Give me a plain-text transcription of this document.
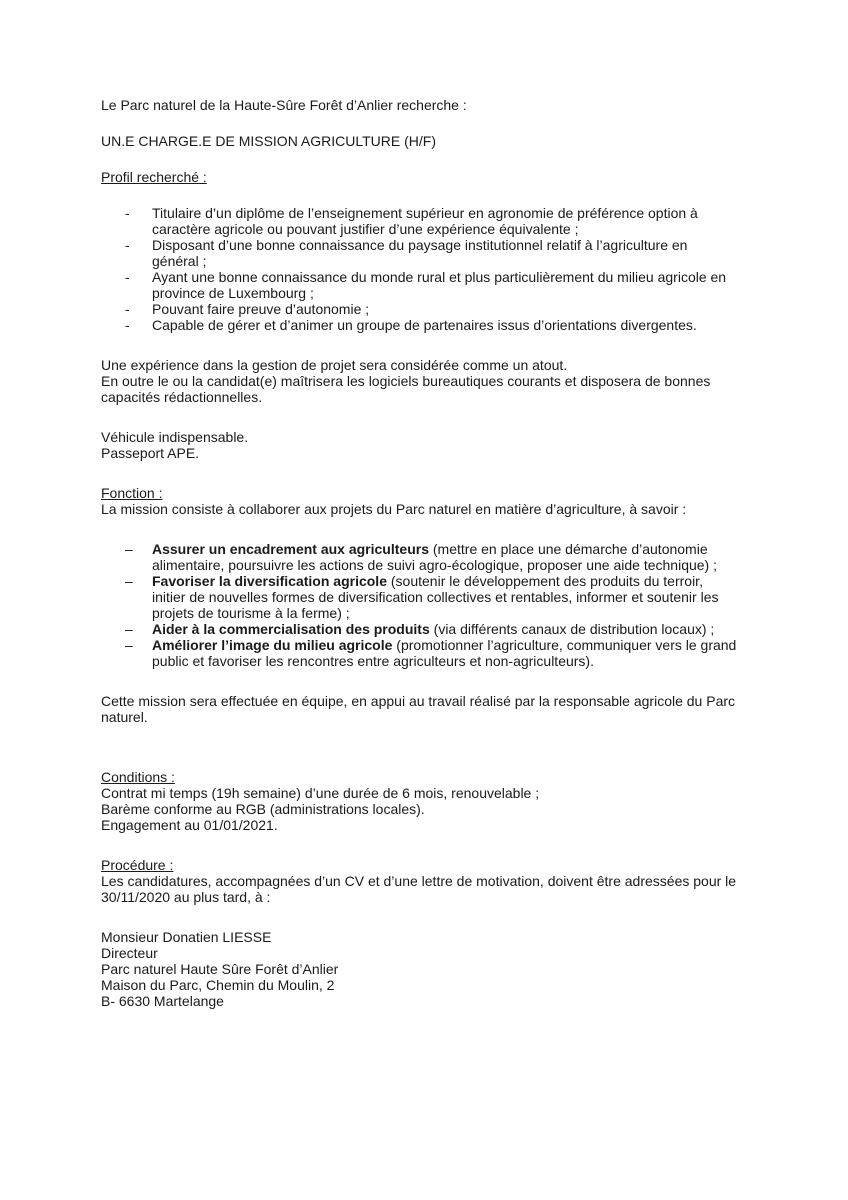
Le Parc naturel de la Haute-Sûre Forêt d’Anlier recherche :

UN.E CHARGE.E DE MISSION AGRICULTURE (H/F)

Profil recherché :

- Titulaire d’un diplôme de l’enseignement supérieur en agronomie de préférence option à
caractère agricole ou pouvant justifier d’une expérience équivalente ;
- Disposant d’une bonne connaissance du paysage institutionnel relatif à l’agriculture en
général ;
- Ayant une bonne connaissance du monde rural et plus particulièrement du milieu agricole en
province de Luxembourg ;
- Pouvant faire preuve d’autonomie ;
- Capable de gérer et d’animer un groupe de partenaires issus d’orientations divergentes.

Une expérience dans la gestion de projet sera considérée comme un atout.

En outre le ou la candidat(e) maîtrisera les logiciels bureautiques courants et disposera de bonnes

capacités rédactionnelles.

Véhicule indispensable.

Passeport APE.

Fonction :

La mission consiste à collaborer aux projets du Parc naturel en matière d’agriculture, à savoir :

– Assurer un encadrement aux agriculteurs (mettre en place une démarche d’autonomie
alimentaire, poursuivre les actions de suivi agro-écologique, proposer une aide technique) ;
– Favoriser la diversification agricole (soutenir le développement des produits du terroir,
initier de nouvelles formes de diversification collectives et rentables, informer et soutenir les
projets de tourisme à la ferme) ;
– Aider à la commercialisation des produits (via différents canaux de distribution locaux) ;
– Améliorer l’image du milieu agricole (promotionner l’agriculture, communiquer vers le grand
public et favoriser les rencontres entre agriculteurs et non-agriculteurs).

Cette mission sera effectuée en équipe, en appui au travail réalisé par la responsable agricole du Parc

naturel.

Conditions :

Contrat mi temps (19h semaine) d’une durée de 6 mois, renouvelable ;

Barème conforme au RGB (administrations locales).

Engagement au 01/01/2021.

Procédure :

Les candidatures, accompagnées d’un CV et d’une lettre de motivation, doivent être adressées pour le

30/11/2020 au plus tard, à :

Monsieur Donatien LIESSE

Directeur

Parc naturel Haute Sûre Forêt d’Anlier

Maison du Parc, Chemin du Moulin, 2

B- 6630 Martelange
